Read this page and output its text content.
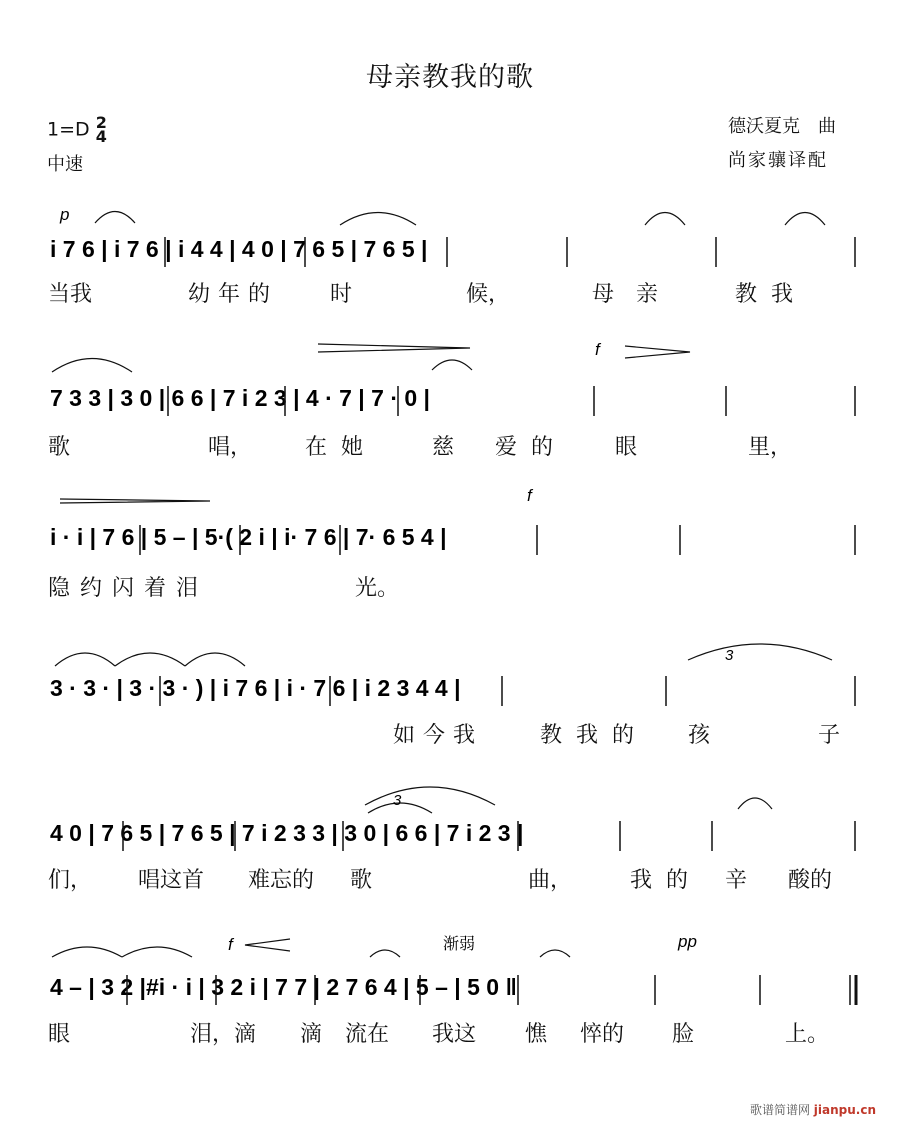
母亲教我的歌
1=D 2
4
中速
德沃夏克　曲
尚家骧译配
p
i 7 6 | i 7 6 | i 4 4 | 4 0 | 7 6 5 | 7 6 5 |
当我	幼年的 时	候，	母亲 教我
f
7 3 3 | 3 0 | 6 6 | 7 i 2 3 | 4 · 7 | 7 · 0 |
歌	唱， 在她 慈 爱的 眼	里，
f
i · i | 7 6 | 5 – | 5·( 2 i | i· 7 6 | 7· 6 5 4 |
隐约闪着泪	光。
3
3 · 3 · | 3 · 3 · ) | i 7 6 | i · 7 6 | i 2 3 4 4 |
如今我	教我的 孩	子
3
4 0 | 7 6 5 | 7 6 5 | 7 i 2 3 3 | 3 0 | 6 6 | 7 i 2 3 |
们， 唱这首 难忘的 歌	曲，	我的 辛 酸的
f	渐弱	pp
4 – | 3 2 |#i · i | 3 2 i | 7 7 | 2 7 6 4 | 5 – | 5 0 ‖
眼	泪，滴 滴 流在 我这 憔 悴的 脸	上。
歌谱简谱网 jianpu.cn
